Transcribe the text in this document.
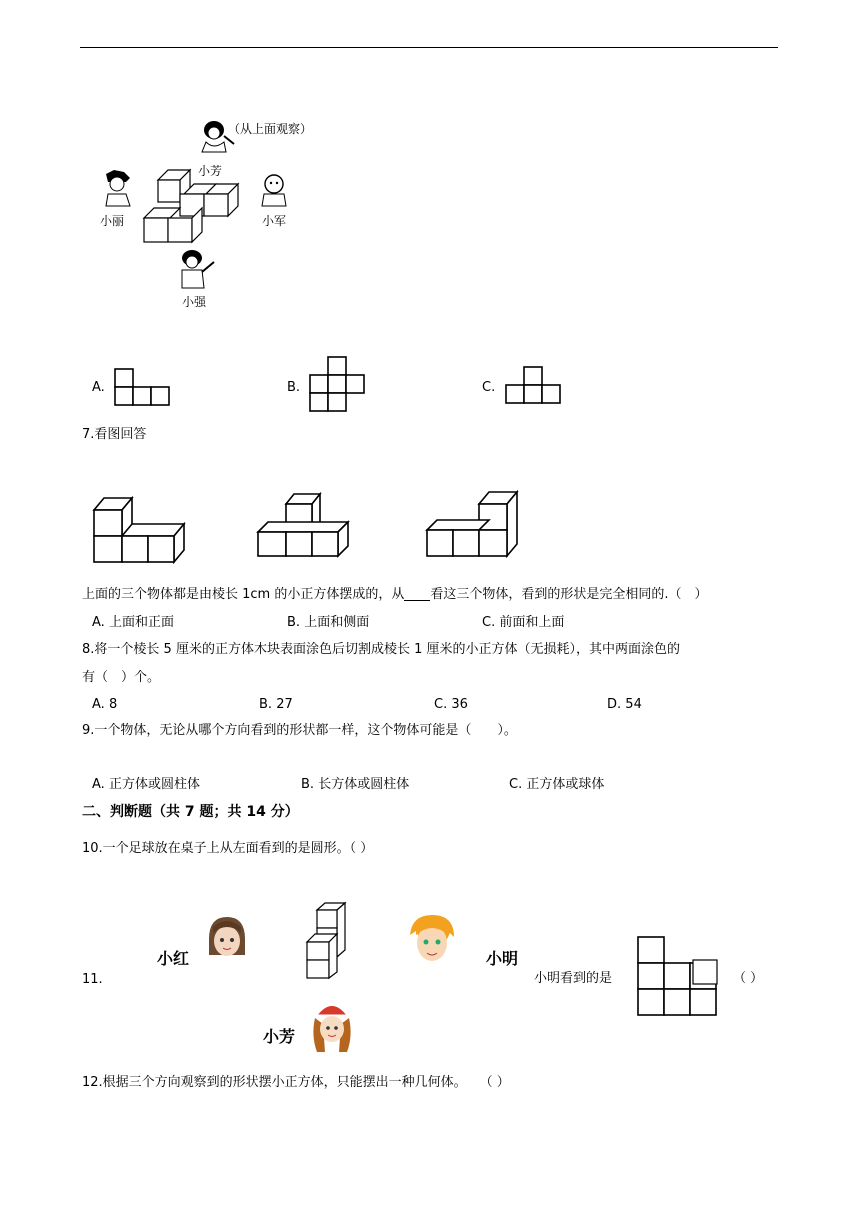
（从上面观察）
小芳
小丽	小军
小强
A.	B.	C.
7.看图回答
上面的三个物体都是由棱长 1cm 的小正方体摆成的，从 看这三个物体，看到的形状是完全相同的.（　）
A. 上面和正面	B. 上面和侧面	C. 前面和上面
8.将一个棱长 5 厘米的正方体木块表面涂色后切割成棱长 1 厘米的小正方体（无损耗），其中两面涂色的
有（　）个。
A. 8	B. 27	C. 36	D. 54
9.一个物体，无论从哪个方向看到的形状都一样，这个物体可能是（　　）。
A. 正方体或圆柱体	B. 长方体或圆柱体	C. 正方体或球体
二、判断题（共 7 题；共 14 分）
10.一个足球放在桌子上从左面看到的是圆形。（ ）
11.
小红	小明
小芳
小明看到的是	（ ）
12.根据三个方向观察到的形状摆小正方体，只能摆出一种几何体。　　（ ）
